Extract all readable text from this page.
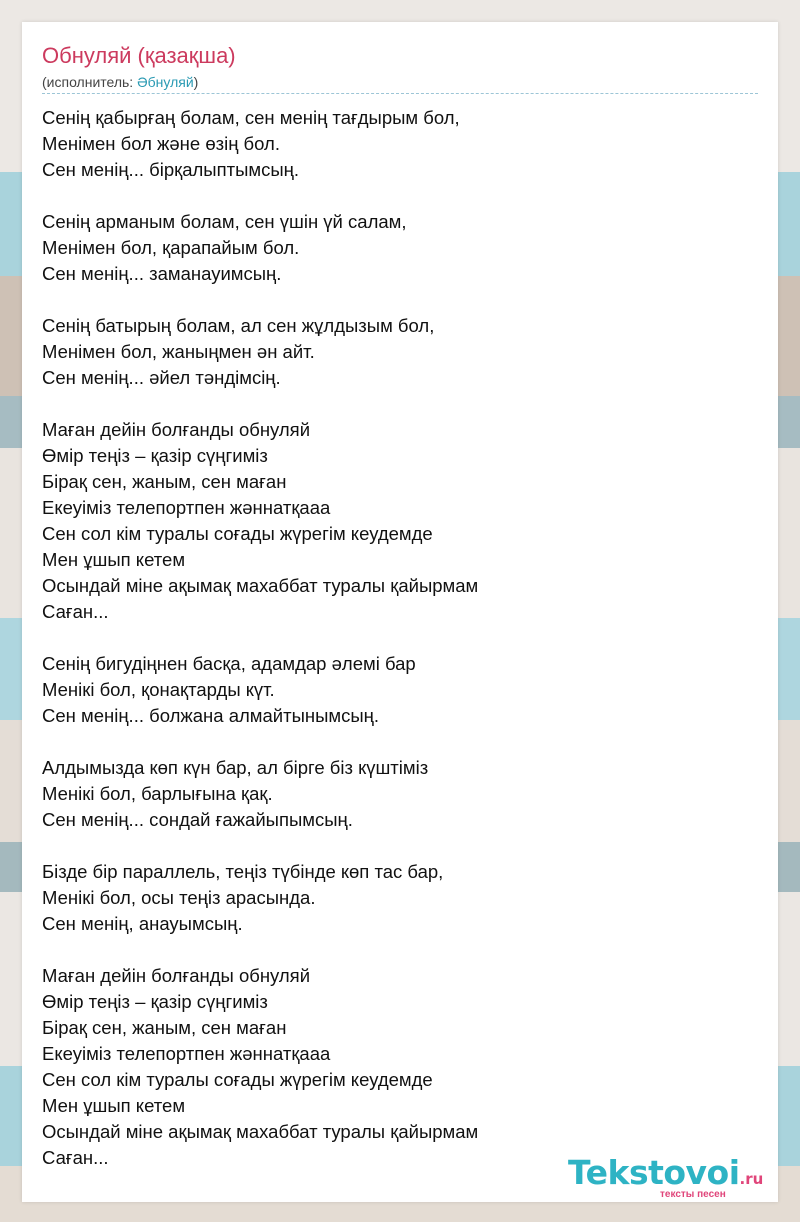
Обнуляй (қазақша)
(исполнитель: Әбнуляй)
Сенің қабырғаң болам, сен менің тағдырым бол,
Менімен бол және өзің бол.
Сен менің... бірқалыптымсың.
Сенің арманым болам, сен үшін үй салам,
Менімен бол, қарапайым бол.
Сен менің... заманауимсың.
Сенің батырың болам, ал сен жұлдызым бол,
Менімен бол, жаныңмен ән айт.
Сен менің... әйел тәндімсің.
Маған дейін болғанды обнуляй
Өмір теңіз – қазір сүңгиміз
Бірақ сен, жаным, сен маған
Екеуіміз телепортпен жәннатқааа
Сен сол кім туралы соғады жүрегім кеудемде
Мен ұшып кетем
Осындай міне ақымақ махаббат туралы қайырмам
Саған...
Сенің бигудіңнен басқа, адамдар әлемі бар
Менікі бол, қонақтарды күт.
Сен менің... болжана алмайтынымсың.
Алдымызда көп күн бар, ал бірге біз күштіміз
Менікі бол, барлығына қақ.
Сен менің... сондай ғажайыпымсың.
Бізде бір параллель, теңіз түбінде көп тас бар,
Менікі бол, осы теңіз арасында.
Сен менің, анауымсың.
Маған дейін болғанды обнуляй
Өмір теңіз – қазір сүңгиміз
Бірақ сен, жаным, сен маған
Екеуіміз телепортпен жәннатқааа
Сен сол кім туралы соғады жүрегім кеудемде
Мен ұшып кетем
Осындай міне ақымақ махаббат туралы қайырмам
Саған...	Tekstovoi.ru
тексты песен
